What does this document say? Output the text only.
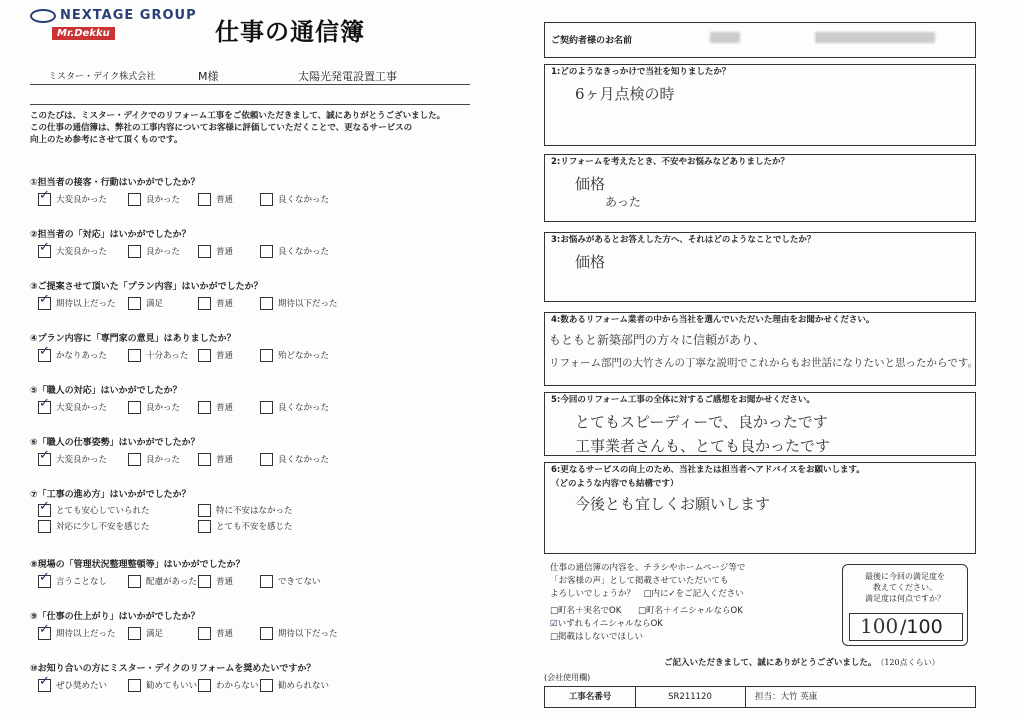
NEXTAGE GROUP
Mr.Dekku	仕事の通信簿
ミスター・デイク株式会社	M様	太陽光発電設置工事
このたびは、ミスター・デイクでのリフォーム工事をご依頼いただきまして、誠にありがとうございました。
この仕事の通信簿は、弊社の工事内容についてお客様に評価していただくことで、更なるサービスの
向上のため参考にさせて頂くものです。
①担当者の接客・行動はいかがでしたか？
✓大変良かった	良かった	普通	良くなかった
②担当者の「対応」はいかがでしたか？
✓大変良かった	良かった	普通	良くなかった
③ご提案させて頂いた「プラン内容」はいかがでしたか？
✓期待以上だった	満足	普通	期待以下だった
④プラン内容に「専門家の意見」はありましたか？
✓かなりあった	十分あった	普通	殆どなかった
⑤「職人の対応」はいかがでしたか？
✓大変良かった	良かった	普通	良くなかった
⑥「職人の仕事姿勢」はいかがでしたか？
✓大変良かった	良かった	普通	良くなかった
⑧現場の「管理状況整理整頓等」はいかがでしたか？
✓言うことなし	配慮があった	普通	できてない
⑨「仕事の仕上がり」はいかがでしたか？
✓期待以上だった	満足	普通	期待以下だった
⑩お知り合いの方にミスター・デイクのリフォームを奨めたいですか？
✓ぜひ奨めたい	勧めてもいい	わからない	勧められない
⑦「工事の進め方」はいかがでしたか？
✓とても安心していられた	特に不安はなかった
対応に少し不安を感じた	とても不安を感じた
ご契約者様のお名前
1:どのようなきっかけで当社を知りましたか？
6ヶ月点検の時
2:リフォームを考えたとき、不安やお悩みなどありましたか？
価格
あった
3:お悩みがあるとお答えした方へ、それはどのようなことでしたか？
価格
4:数あるリフォーム業者の中から当社を選んでいただいた理由をお聞かせください。
もともと新築部門の方々に信頼があり、
リフォーム部門の大竹さんの丁寧な説明でこれからもお世話になりたいと思ったからです。
5:今回のリフォーム工事の全体に対するご感想をお聞かせください。
とてもスピーディーで、良かったです
工事業者さんも、とても良かったです
6:更なるサービスの向上のため、当社または担当者へアドバイスをお願いします。
（どのような内容でも結構です）
今後とも宜しくお願いします
仕事の通信簿の内容を、チラシやホームページ等で
「お客様の声」として掲載させていただいても
よろしいでしょうか？　□内に✓をご記入ください
□町名＋実名でOK □町名＋イニシャルならOK
☑いずれもイニシャルならOK
□掲載はしないでほしい
最後に今回の満足度を
教えてください。
満足度は何点ですか？
100 /100
ご記入いただきまして、誠にありがとうございました。 （120点くらい）
(会社使用欄)
工事名番号	SR211120	担当：大竹 英康
